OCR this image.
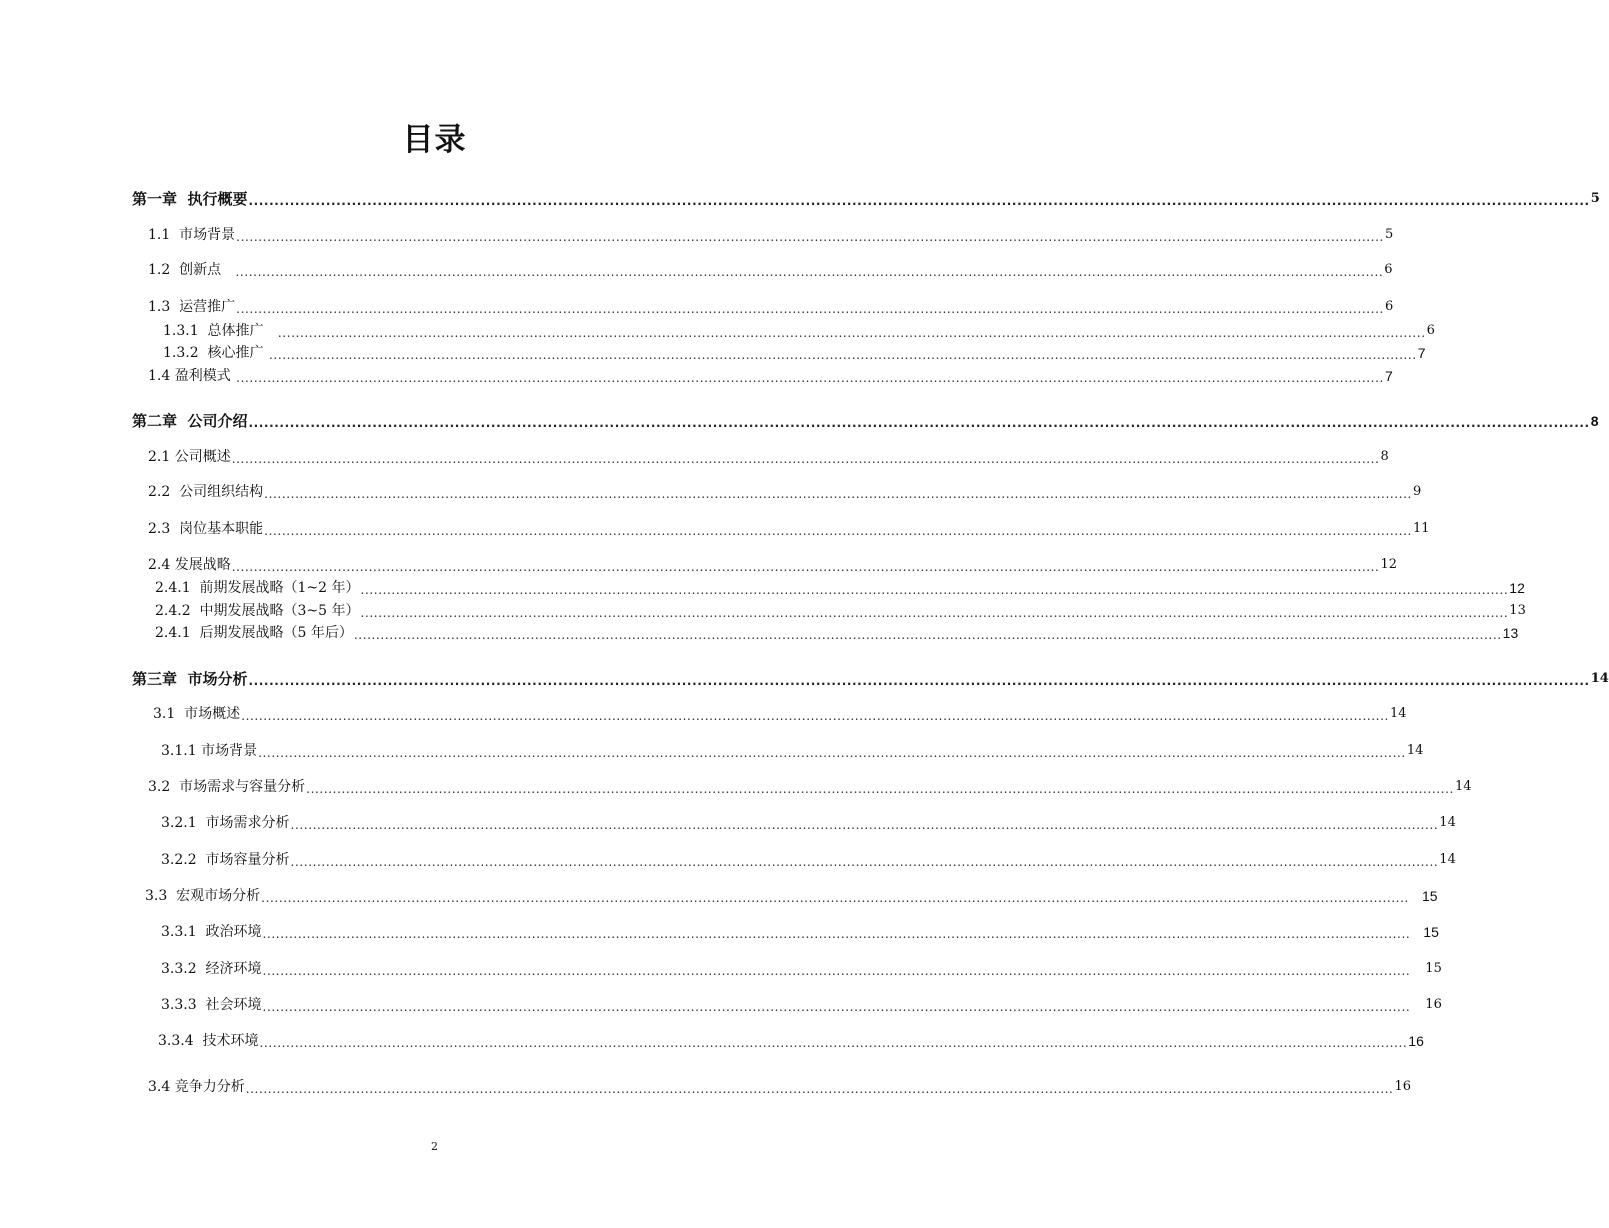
目录
第一章  执行概要 .................................................................................................................................................................................................................................................................... 5
1.1  市场背景 .................................................................................................................................................................................................................................................................... 5
1.2  创新点 .................................................................................................................................................................................................................................................................... 6
1.3  运营推广 .................................................................................................................................................................................................................................................................... 6
1.3.1  总体推广 .................................................................................................................................................................................................................................................................... 6
1.3.2  核心推广 .................................................................................................................................................................................................................................................................... 7
1.4 盈利模式 .................................................................................................................................................................................................................................................................... 7
第二章  公司介绍 .................................................................................................................................................................................................................................................................... 8
2.1 公司概述 .................................................................................................................................................................................................................................................................... 8
2.2  公司组织结构 .................................................................................................................................................................................................................................................................... 9
2.3  岗位基本职能 .................................................................................................................................................................................................................................................................... 11
2.4 发展战略 .................................................................................................................................................................................................................................................................... 12
2.4.1  前期发展战略（1~2 年） .................................................................................................................................................................................................................................................................... 12
2.4.2  中期发展战略（3~5 年） .................................................................................................................................................................................................................................................................... 13
2.4.1  后期发展战略（5 年后） .................................................................................................................................................................................................................................................................... 13
第三章  市场分析 .................................................................................................................................................................................................................................................................... 14
3.1  市场概述 .................................................................................................................................................................................................................................................................... 14
3.1.1 市场背景 .................................................................................................................................................................................................................................................................... 14
3.2  市场需求与容量分析 .................................................................................................................................................................................................................................................................... 14
3.2.1  市场需求分析 .................................................................................................................................................................................................................................................................... 14
3.2.2  市场容量分析 .................................................................................................................................................................................................................................................................... 14
3.3  宏观市场分析 .................................................................................................................................................................................................................................................................... 15
3.3.1  政治环境 .................................................................................................................................................................................................................................................................... 15
3.3.2  经济环境 .................................................................................................................................................................................................................................................................... 15
3.3.3  社会环境 .................................................................................................................................................................................................................................................................... 16
3.3.4  技术环境 .................................................................................................................................................................................................................................................................... 16
3.4 竞争力分析 .................................................................................................................................................................................................................................................................... 16
2
